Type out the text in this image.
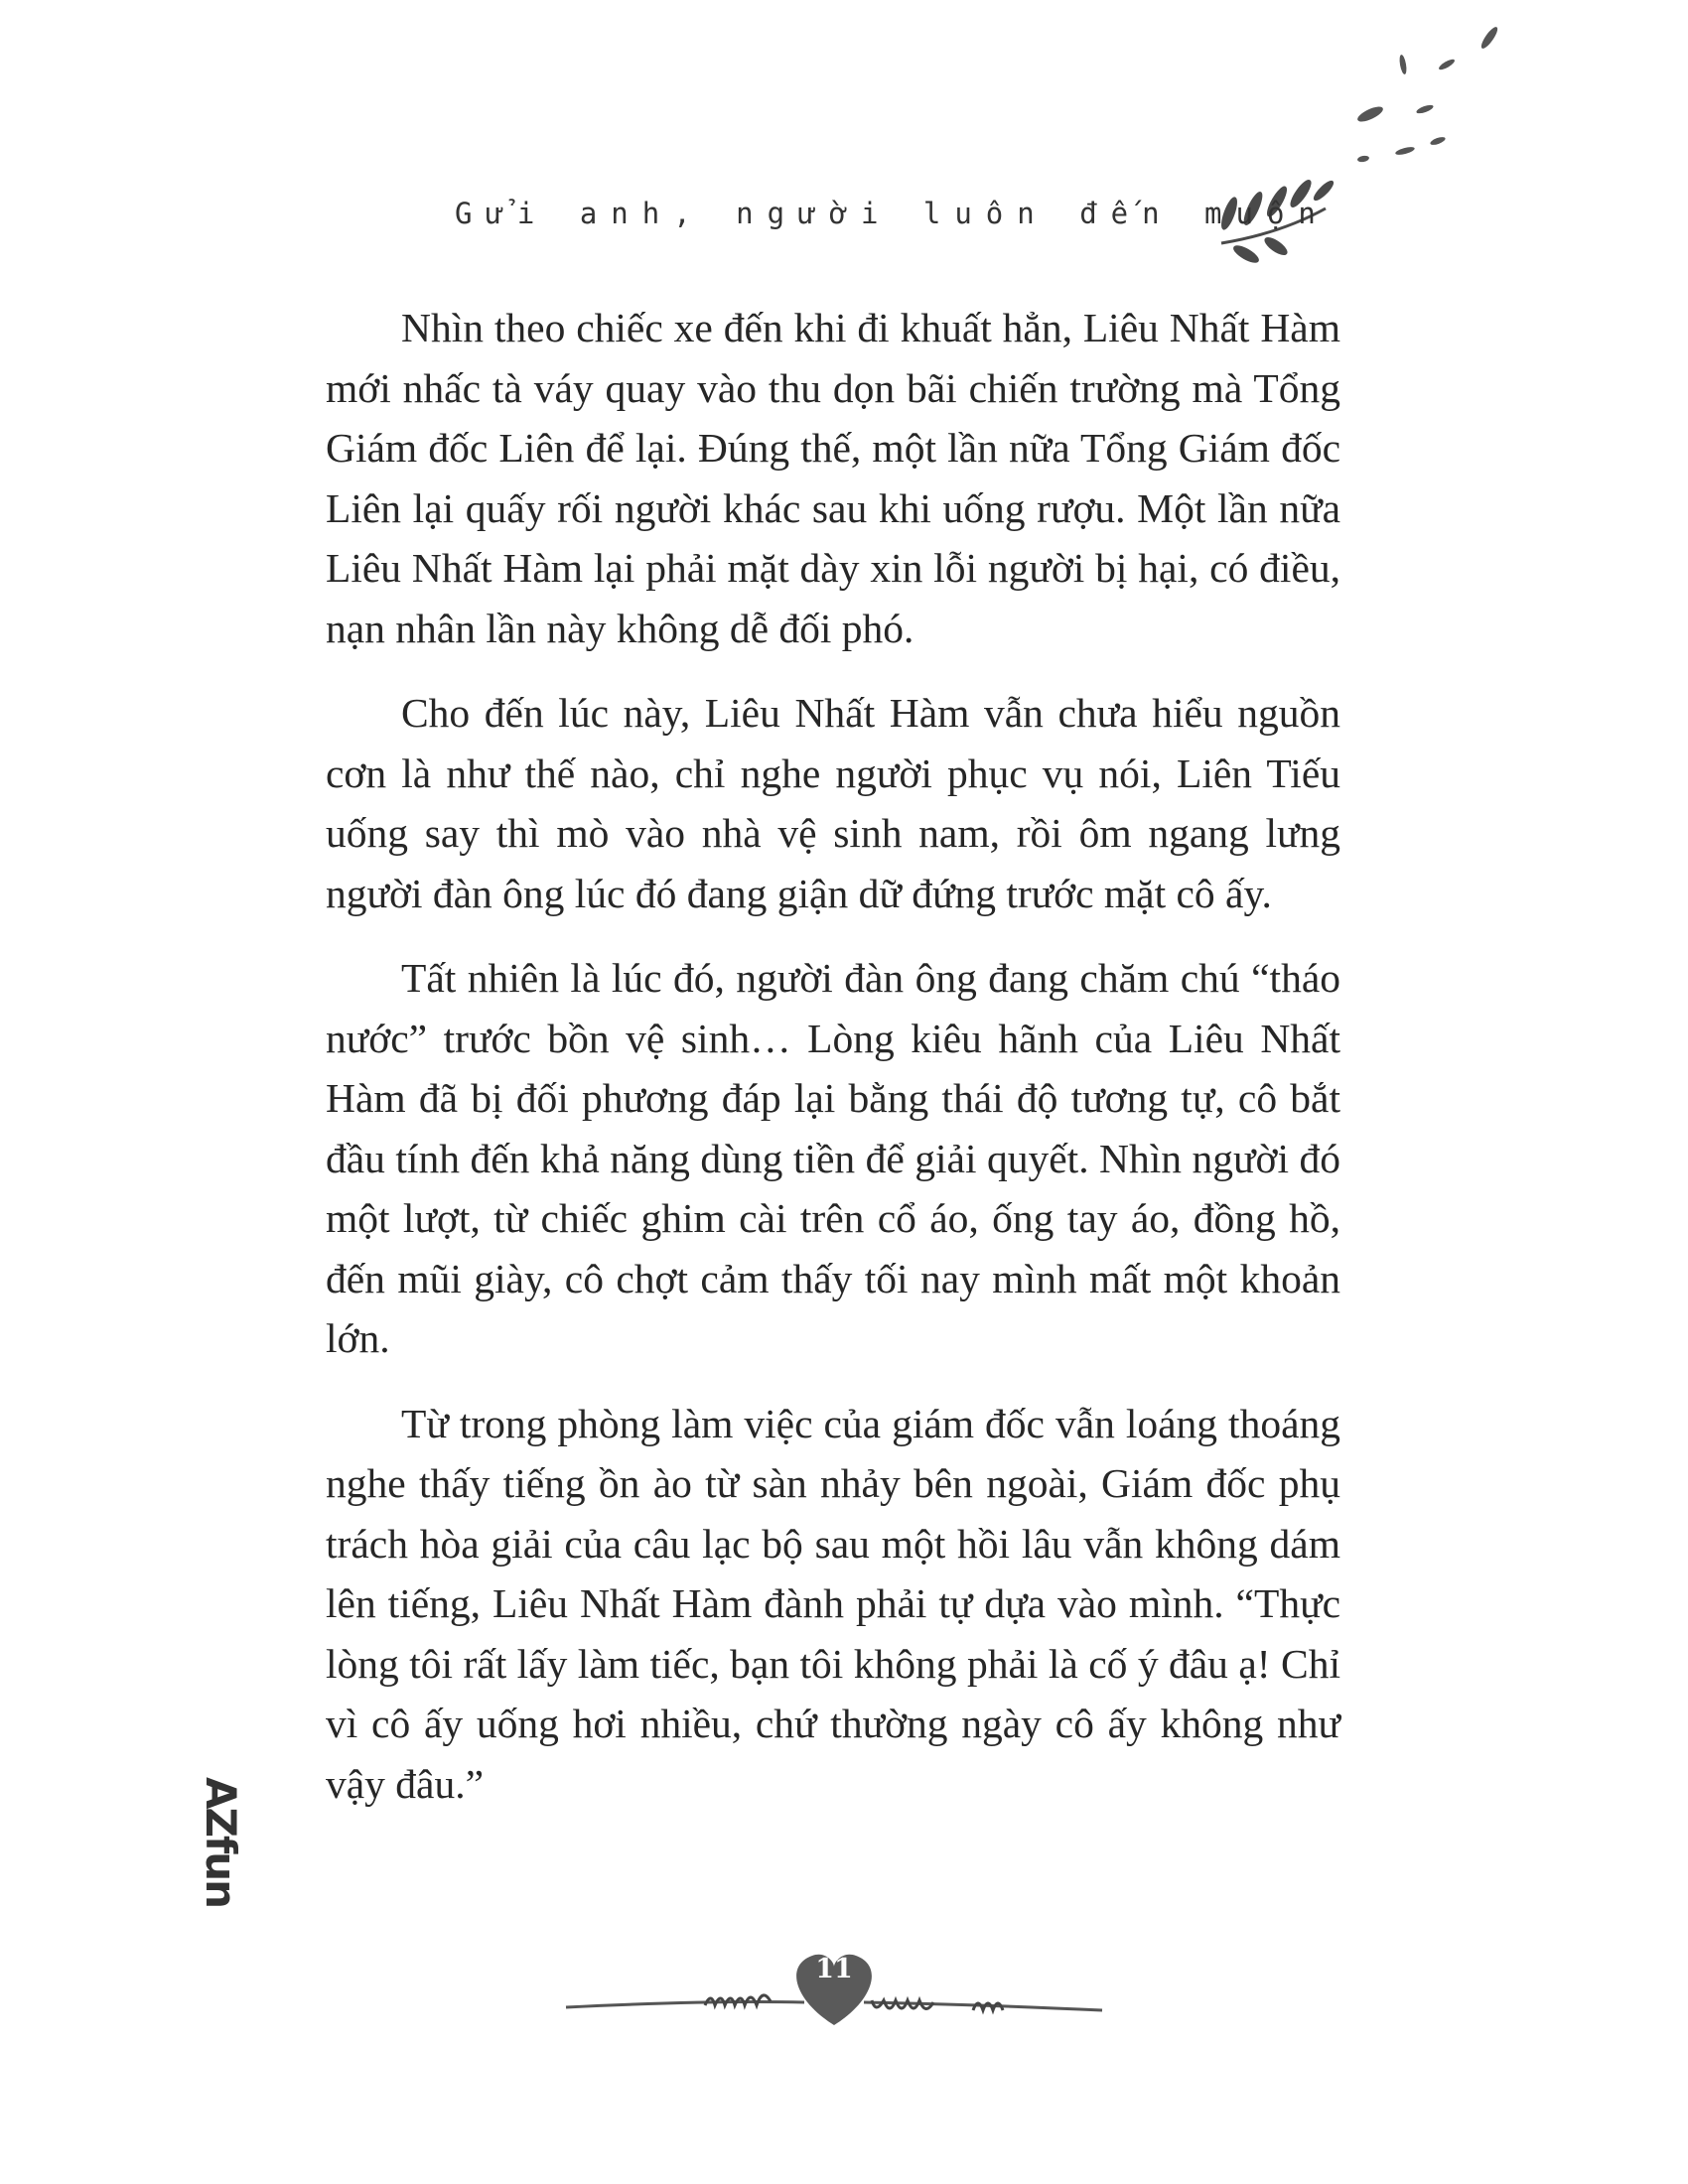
Gửi anh, người luôn đến muộn

Nhìn theo chiếc xe đến khi đi khuất hẳn, Liêu Nhất Hàm mới nhấc tà váy quay vào thu dọn bãi chiến trường mà Tổng Giám đốc Liên để lại. Đúng thế, một lần nữa Tổng Giám đốc Liên lại quấy rối người khác sau khi uống rượu. Một lần nữa Liêu Nhất Hàm lại phải mặt dày xin lỗi người bị hại, có điều, nạn nhân lần này không dễ đối phó.

Cho đến lúc này, Liêu Nhất Hàm vẫn chưa hiểu nguồn cơn là như thế nào, chỉ nghe người phục vụ nói, Liên Tiếu uống say thì mò vào nhà vệ sinh nam, rồi ôm ngang lưng người đàn ông lúc đó đang giận dữ đứng trước mặt cô ấy.

Tất nhiên là lúc đó, người đàn ông đang chăm chú “tháo nước” trước bồn vệ sinh… Lòng kiêu hãnh của Liêu Nhất Hàm đã bị đối phương đáp lại bằng thái độ tương tự, cô bắt đầu tính đến khả năng dùng tiền để giải quyết. Nhìn người đó một lượt, từ chiếc ghim cài trên cổ áo, ống tay áo, đồng hồ, đến mũi giày, cô chợt cảm thấy tối nay mình mất một khoản lớn.

Từ trong phòng làm việc của giám đốc vẫn loáng thoáng nghe thấy tiếng ồn ào từ sàn nhảy bên ngoài, Giám đốc phụ trách hòa giải của câu lạc bộ sau một hồi lâu vẫn không dám lên tiếng, Liêu Nhất Hàm đành phải tự dựa vào mình. “Thực lòng tôi rất lấy làm tiếc, bạn tôi không phải là cố ý đâu ạ! Chỉ vì cô ấy uống hơi nhiều, chứ thường ngày cô ấy không như vậy đâu.”

AZfun
11
